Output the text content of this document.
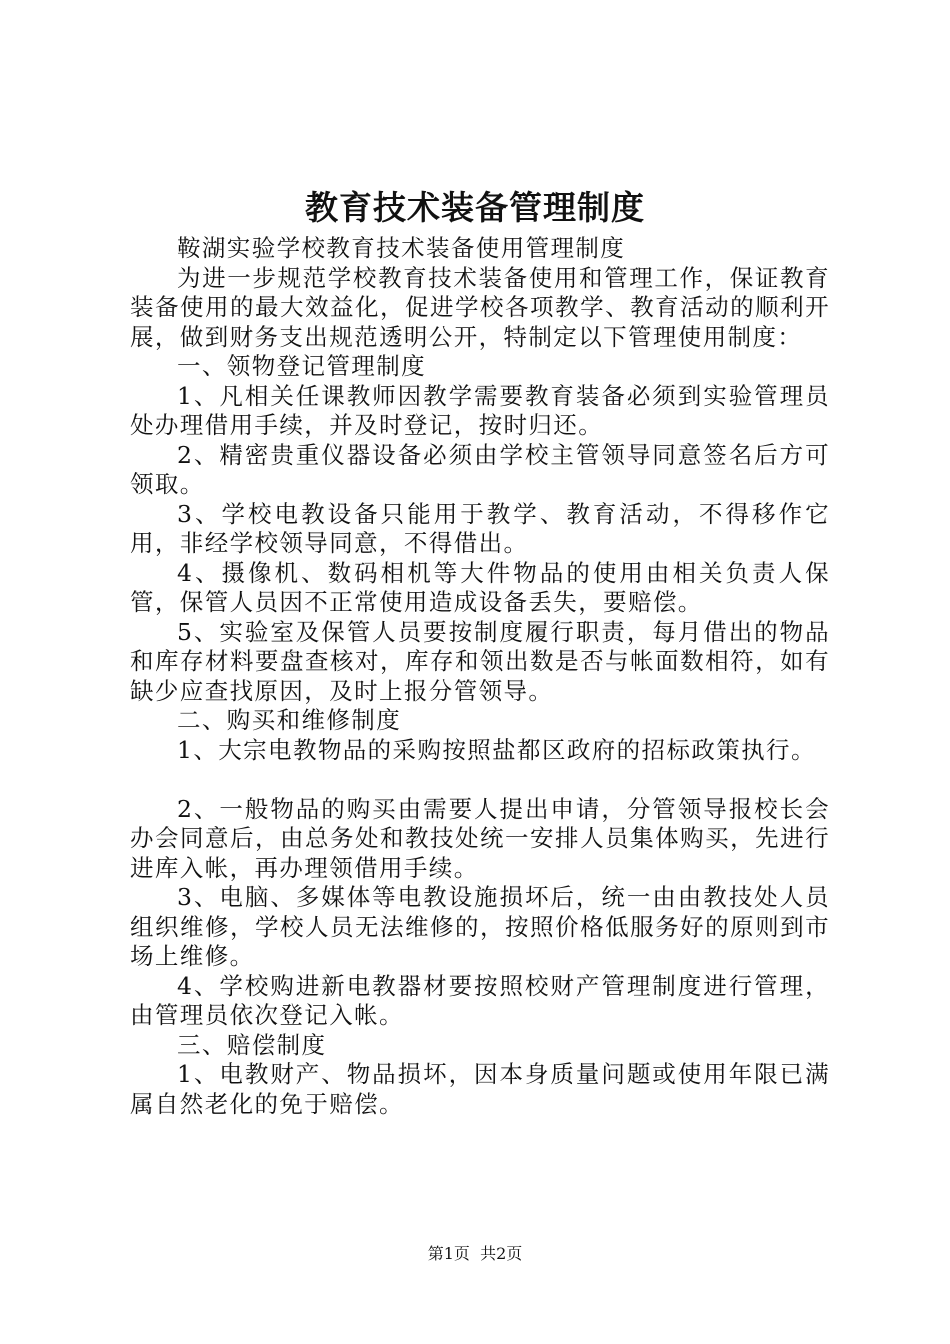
教育技术装备管理制度

鞍湖实验学校教育技术装备使用管理制度

为进一步规范学校教育技术装备使用和管理工作，保证教育装备使用的最大效益化，促进学校各项教学、教育活动的顺利开展，做到财务支出规范透明公开，特制定以下管理使用制度：

一、领物登记管理制度

1、凡相关任课教师因教学需要教育装备必须到实验管理员处办理借用手续，并及时登记，按时归还。

2、精密贵重仪器设备必须由学校主管领导同意签名后方可领取。

3、学校电教设备只能用于教学、教育活动，不得移作它用，非经学校领导同意，不得借出。

4、摄像机、数码相机等大件物品的使用由相关负责人保管，保管人员因不正常使用造成设备丢失，要赔偿。

5、实验室及保管人员要按制度履行职责，每月借出的物品和库存材料要盘查核对，库存和领出数是否与帐面数相符，如有缺少应查找原因，及时上报分管领导。

二、购买和维修制度

1、大宗电教物品的采购按照盐都区政府的招标政策执行。

2、一般物品的购买由需要人提出申请，分管领导报校长会办会同意后，由总务处和教技处统一安排人员集体购买，先进行进库入帐，再办理领借用手续。

3、电脑、多媒体等电教设施损坏后，统一由由教技处人员组织维修，学校人员无法维修的，按照价格低服务好的原则到市场上维修。

4、学校购进新电教器材要按照校财产管理制度进行管理，由管理员依次登记入帐。

三、赔偿制度

1、电教财产、物品损坏，因本身质量问题或使用年限已满属自然老化的免于赔偿。

第1页  共2页
